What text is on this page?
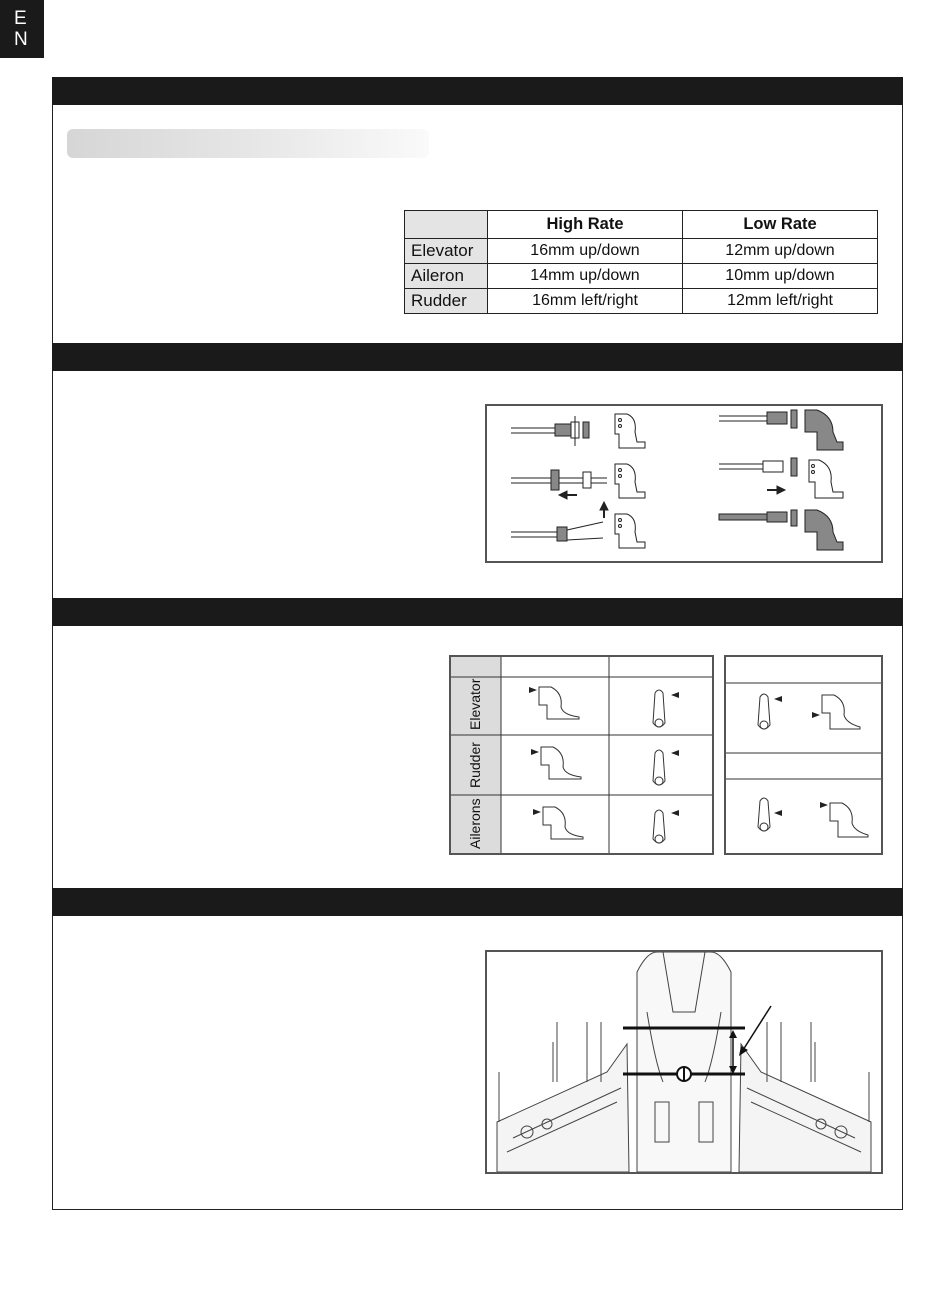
E
N
	High Rate	Low Rate
Elevator	16mm up/down	12mm up/down
Aileron	14mm up/down	10mm up/down
Rudder	16mm left/right	12mm left/right
Elevator
Rudder
Ailerons
